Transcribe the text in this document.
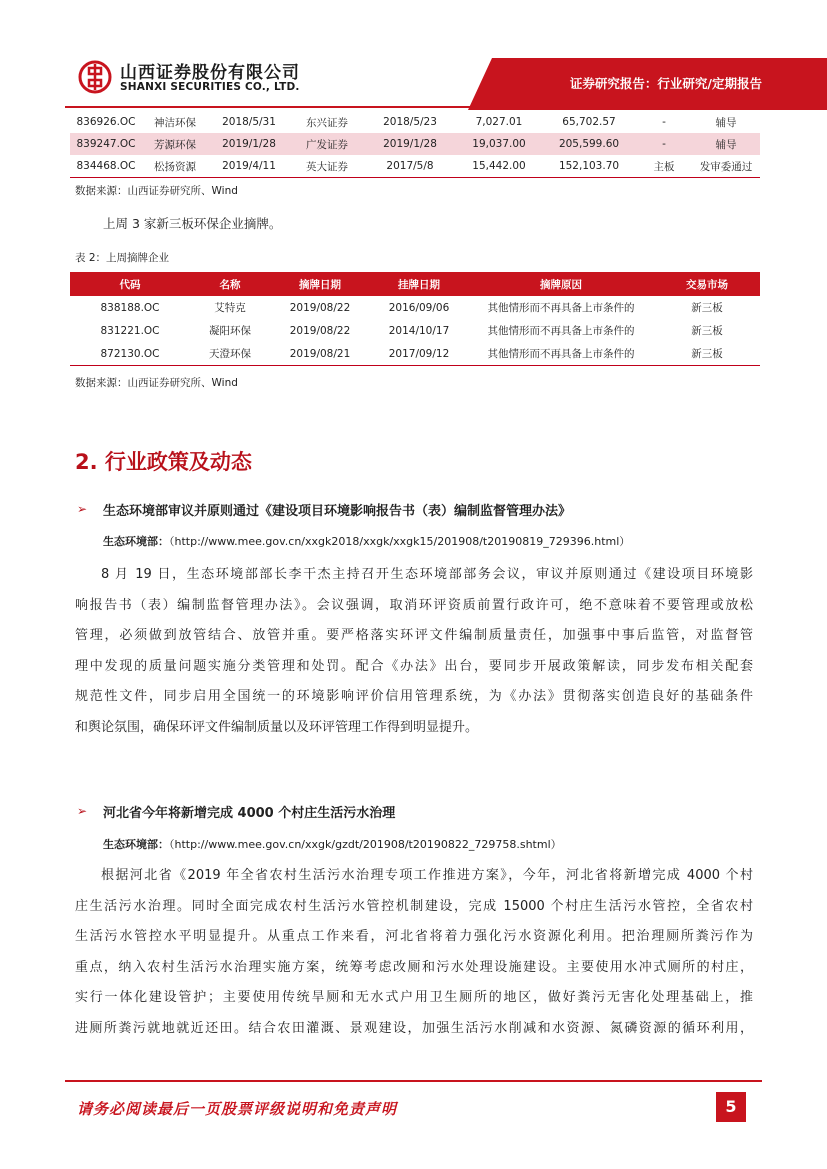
山西证券股份有限公司
SHANXI SECURITIES CO., LTD.	证券研究报告：行业研究/定期报告
836926.OC	神洁环保	2018/5/31	东兴证券	2018/5/23	7,027.01	65,702.57	-	辅导
839247.OC	芳源环保	2019/1/28	广发证券	2019/1/28	19,037.00	205,599.60	-	辅导
834468.OC	松扬资源	2019/4/11	英大证券	2017/5/8	15,442.00	152,103.70	主板	发审委通过
数据来源：山西证券研究所、Wind
上周 3 家新三板环保企业摘牌。
表 2：上周摘牌企业
代码	名称	摘牌日期	挂牌日期	摘牌原因	交易市场
838188.OC	艾特克	2019/08/22	2016/09/06	其他情形而不再具备上市条件的	新三板
831221.OC	凝阳环保	2019/08/22	2014/10/17	其他情形而不再具备上市条件的	新三板
872130.OC	天澄环保	2019/08/21	2017/09/12	其他情形而不再具备上市条件的	新三板
数据来源：山西证券研究所、Wind
2. 行业政策及动态
➢ 生态环境部审议并原则通过《建设项目环境影响报告书（表）编制监督管理办法》
生态环境部：（http://www.mee.gov.cn/xxgk2018/xxgk/xxgk15/201908/t20190819_729396.html）
8 月 19 日，生态环境部部长李干杰主持召开生态环境部部务会议，审议并原则通过《建设项目环境影
响报告书（表）编制监督管理办法》。会议强调，取消环评资质前置行政许可，绝不意味着不要管理或放松
管理，必须做到放管结合、放管并重。要严格落实环评文件编制质量责任，加强事中事后监管，对监督管
理中发现的质量问题实施分类管理和处罚。配合《办法》出台，要同步开展政策解读，同步发布相关配套
规范性文件，同步启用全国统一的环境影响评价信用管理系统，为《办法》贯彻落实创造良好的基础条件
和舆论氛围，确保环评文件编制质量以及环评管理工作得到明显提升。
➢ 河北省今年将新增完成 4000 个村庄生活污水治理
生态环境部：（http://www.mee.gov.cn/xxgk/gzdt/201908/t20190822_729758.shtml）
根据河北省《2019 年全省农村生活污水治理专项工作推进方案》，今年，河北省将新增完成 4000 个村
庄生活污水治理。同时全面完成农村生活污水管控机制建设，完成 15000 个村庄生活污水管控，全省农村
生活污水管控水平明显提升。从重点工作来看，河北省将着力强化污水资源化利用。把治理厕所粪污作为
重点，纳入农村生活污水治理实施方案，统筹考虑改厕和污水处理设施建设。主要使用水冲式厕所的村庄，
实行一体化建设管护；主要使用传统旱厕和无水式户用卫生厕所的地区，做好粪污无害化处理基础上，推
进厕所粪污就地就近还田。结合农田灌溉、景观建设，加强生活污水削减和水资源、氮磷资源的循环利用，
请务必阅读最后一页股票评级说明和免责声明	5
